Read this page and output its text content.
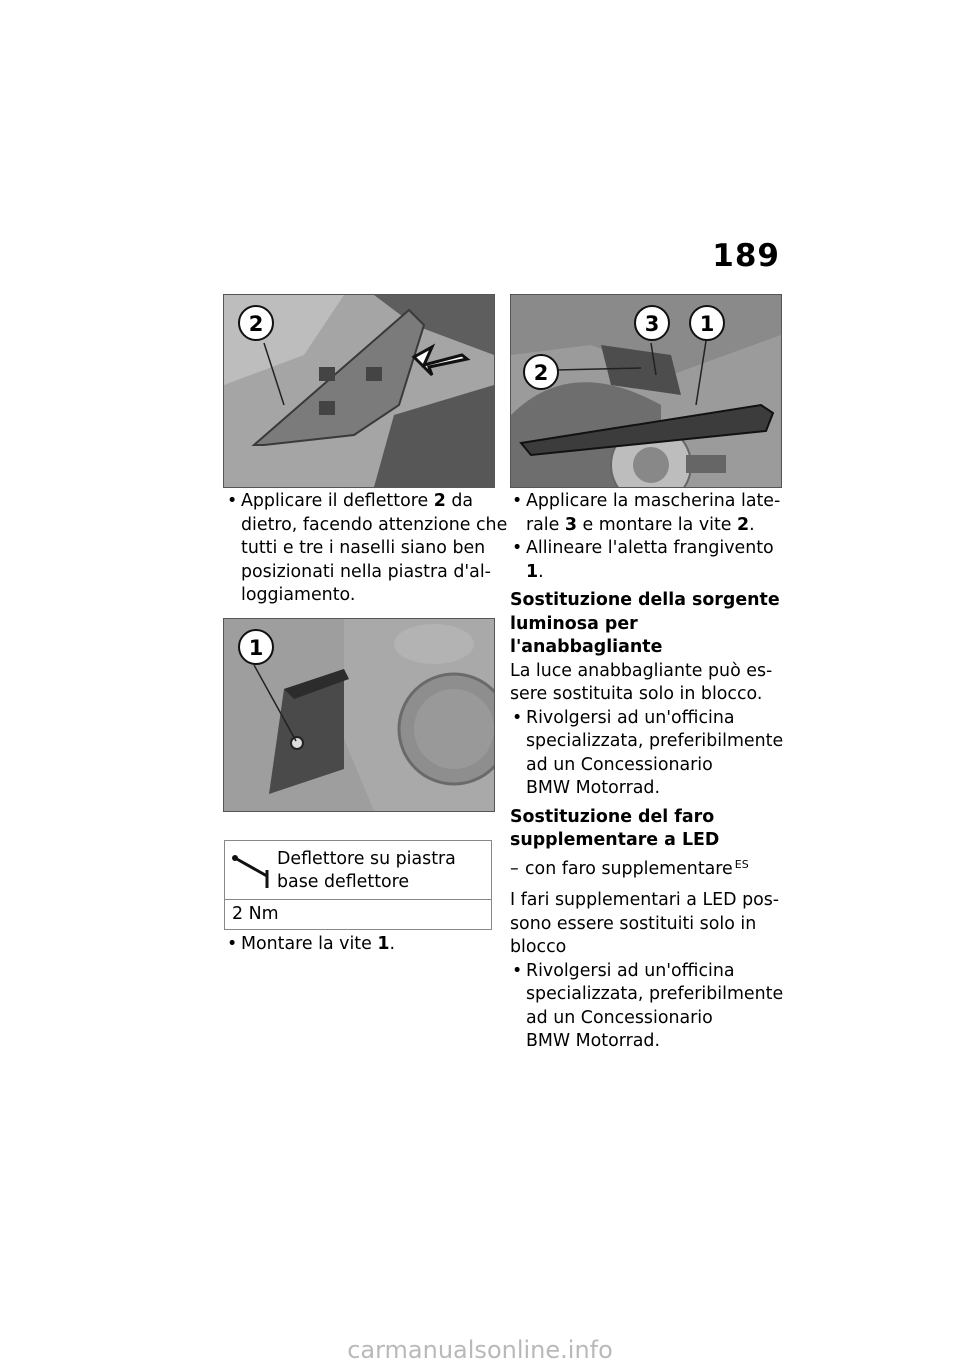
189
2
• Applicare il deflettore 2 da dietro, facendo attenzione che tutti e tre i naselli siano ben posizionati nella piastra d'al-loggiamento.
1
• Montare la vite 1.
Deflettore su piastra base deflettore

2 Nm
3 1
2
• Applicare la mascherina late-rale 3 e montare la vite 2.
• Allineare l'aletta frangivento 1.
Sostituzione della sorgente
luminosa per l'anabbagliante
La luce anabbagliante può es-
sere sostituita solo in blocco.
• Rivolgersi ad un'officina
specializzata, preferibilmente
ad un Concessionario
BMW Motorrad.
Sostituzione del faro
supplementare a LED
– con faro supplementare $^{ES}$
I fari supplementari a LED pos-
sono essere sostituiti solo in
blocco
• Rivolgersi ad un'officina
specializzata, preferibilmente
ad un Concessionario
BMW Motorrad.
carmanualsonline.info
